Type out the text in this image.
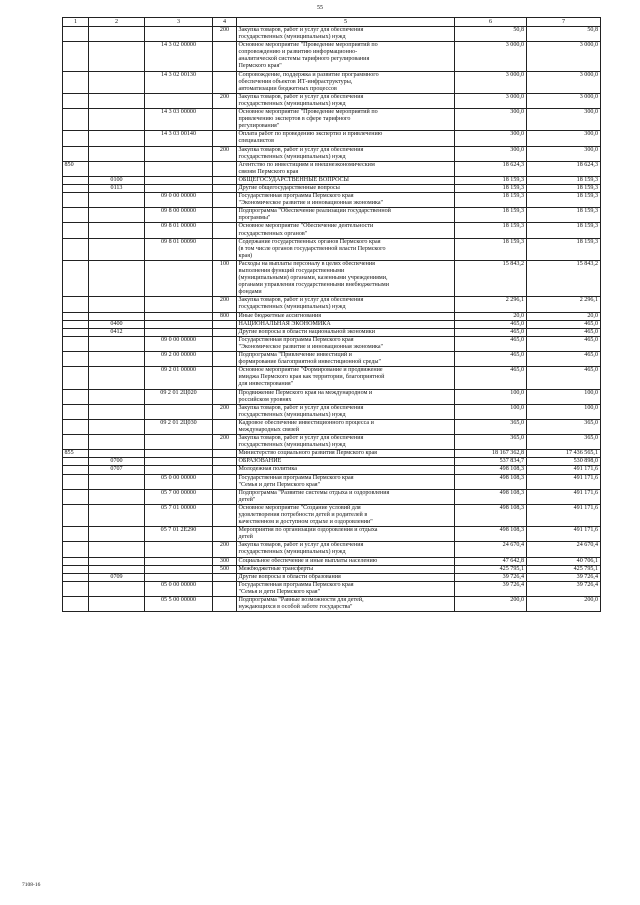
55
1	2	3	4	5	6	7
			200	Закупка товаров, работ и услуг для обеспечения
государственных (муниципальных) нужд	50,8	50,8
		14 3 02 00000		Основное мероприятие "Проведение мероприятий по
сопровождению и развитию информационно-
аналитической системы тарифного регулирования
Пермского края"	3 000,0	3 000,0
		14 3 02 00130		Сопровождение, поддержка и развитие программного
обеспечения объектов ИТ-инфраструктуры,
автоматизации бюджетных процессов	3 000,0	3 000,0
			200	Закупка товаров, работ и услуг для обеспечения
государственных (муниципальных) нужд	3 000,0	3 000,0
		14 3 03 00000		Основное мероприятие "Проведение мероприятий по
привлечению экспертов в сфере тарифного
регулирования"	300,0	300,0
		14 3 03 00140		Оплата работ по проведению экспертиз и привлечению
специалистов	300,0	300,0
			200	Закупка товаров, работ и услуг для обеспечения
государственных (муниципальных) нужд	300,0	300,0
850				Агентство по инвестициям и внешнеэкономическим
связям Пермского края	18 624,3	18 624,3
	0100			ОБЩЕГОСУДАРСТВЕННЫЕ ВОПРОСЫ	18 159,3	18 159,3
	0113			Другие общегосударственные вопросы	18 159,3	18 159,3
		09 0 00 00000		Государственная программа Пермского края
"Экономическое развитие и инновационная экономика"	18 159,3	18 159,3
		09 8 00 00000		Подпрограмма "Обеспечение реализации государственной
программы"	18 159,3	18 159,3
		09 8 01 00000		Основное мероприятие "Обеспечение деятельности
государственных органов"	18 159,3	18 159,3
		09 8 01 00090		Содержание государственных органов Пермского края
(в том числе органов государственной власти Пермского
края)	18 159,3	18 159,3
			100	Расходы на выплаты персоналу в целях обеспечения
выполнения функций государственными
(муниципальными) органами, казенными учреждениями,
органами управления государственными внебюджетными
фондами	15 843,2	15 843,2
			200	Закупка товаров, работ и услуг для обеспечения
государственных (муниципальных) нужд	2 296,1	2 296,1
			800	Иные бюджетные ассигнования	20,0	20,0
	0400			НАЦИОНАЛЬНАЯ ЭКОНОМИКА	465,0	465,0
	0412			Другие вопросы в области национальной экономики	465,0	465,0
		09 0 00 00000		Государственная программа Пермского края
"Экономическое развитие и инновационная экономика"	465,0	465,0
		09 2 00 00000		Подпрограмма "Привлечение инвестиций и
формирование благоприятной инвестиционной среды"	465,0	465,0
		09 2 01 00000		Основное мероприятие "Формирование и продвижение
имиджа Пермского края как территории, благоприятной
для инвестирования"	465,0	465,0
		09 2 01 2Ц020		Продвижение Пермского края на международном и
российском уровнях	100,0	100,0
			200	Закупка товаров, работ и услуг для обеспечения
государственных (муниципальных) нужд	100,0	100,0
		09 2 01 2Ц030		Кадровое обеспечение инвестиционного процесса и
международных связей	365,0	365,0
			200	Закупка товаров, работ и услуг для обеспечения
государственных (муниципальных) нужд	365,0	365,0
855				Министерство социального развития Пермского края	18 167 362,8	17 436 565,1
	0700			ОБРАЗОВАНИЕ	537 834,7	530 898,0
	0707			Молодежная политика	498 108,3	491 171,6
		05 0 00 00000		Государственная программа Пермского края
"Семья и дети Пермского края"	498 108,3	491 171,6
		05 7 00 00000		Подпрограмма "Развитие системы отдыха и оздоровления
детей"	498 108,3	491 171,6
		05 7 01 00000		Основное мероприятие "Создание условий для
удовлетворения потребности детей и родителей в
качественном и доступном отдыхе и оздоровлении"	498 108,3	491 171,6
		05 7 01 2Е290		Мероприятия по организации оздоровления и отдыха
детей	498 108,3	491 171,6
			200	Закупка товаров, работ и услуг для обеспечения
государственных (муниципальных) нужд	24 670,4	24 670,4
			300	Социальное обеспечение и иные выплаты населению	47 642,8	40 706,1
			500	Межбюджетные трансферты	425 795,1	425 795,1
	0709			Другие вопросы в области образования	39 726,4	39 726,4
		05 0 00 00000		Государственная программа Пермского края
"Семья и дети Пермского края"	39 726,4	39 726,4
		05 5 00 00000		Подпрограмма "Равные возможности для детей,
нуждающихся в особой заботе государства"	200,0	200,0
7108-16
